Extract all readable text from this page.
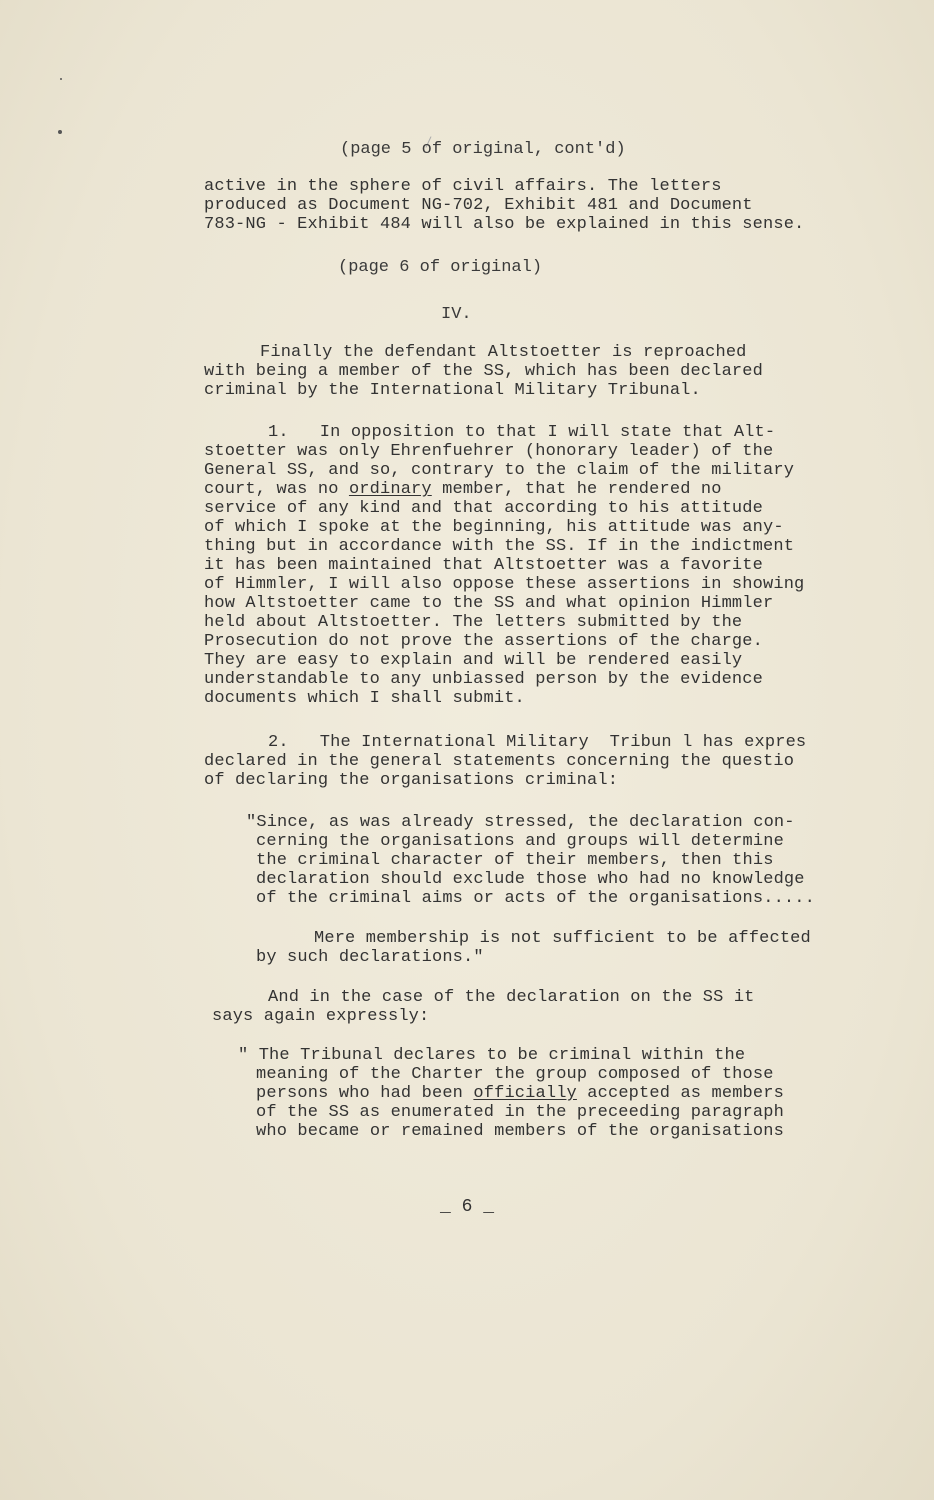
(page 5 of original, cont'd)
active in the sphere of civil affairs. The letters
produced as Document NG-702, Exhibit 481 and Document
783-NG - Exhibit 484 will also be explained in this sense.
(page 6 of original)
IV.
Finally the defendant Altstoetter is reproached
with being a member of the SS, which has been declared
criminal by the International Military Tribunal.
1.   In opposition to that I will state that Alt-
stoetter was only Ehrenfuehrer (honorary leader) of the
General SS, and so, contrary to the claim of the military
court, was no ordinary member, that he rendered no
service of any kind and that according to his attitude
of which I spoke at the beginning, his attitude was any-
thing but in accordance with the SS. If in the indictment
it has been maintained that Altstoetter was a favorite
of Himmler, I will also oppose these assertions in showing
how Altstoetter came to the SS and what opinion Himmler
held about Altstoetter. The letters submitted by the
Prosecution do not prove the assertions of the charge.
They are easy to explain and will be rendered easily
understandable to any unbiassed person by the evidence
documents which I shall submit.
2.   The International Military  Tribun l has expres
declared in the general statements concerning the questio
of declaring the organisations criminal:
"Since, as was already stressed, the declaration con-
cerning the organisations and groups will determine
the criminal character of their members, then this
declaration should exclude those who had no knowledge
of the criminal aims or acts of the organisations.....
Mere membership is not sufficient to be affected
by such declarations."
And in the case of the declaration on the SS it
says again expressly:
" The Tribunal declares to be criminal within the
meaning of the Charter the group composed of those
persons who had been officially accepted as members
of the SS as enumerated in the preceeding paragraph
who became or remained members of the organisations
_ 6 _
